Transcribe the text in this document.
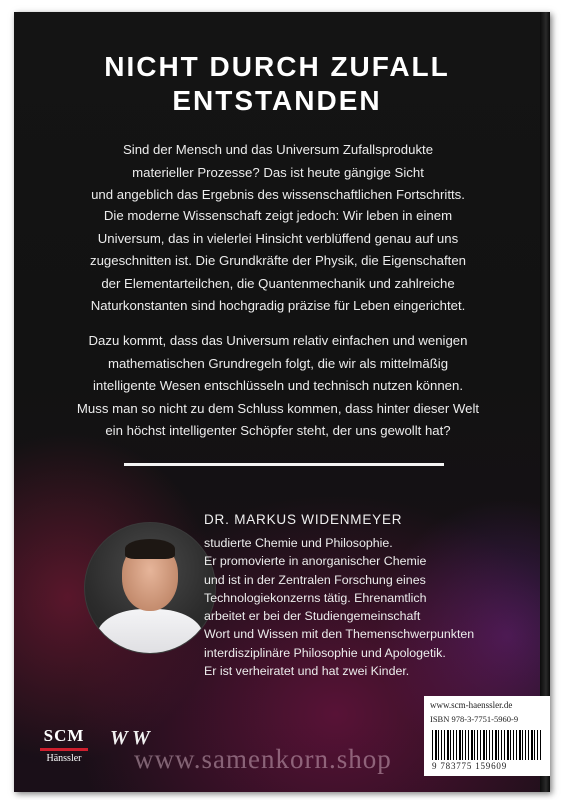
NICHT DURCH ZUFALL
ENTSTANDEN
Sind der Mensch und das Universum Zufallsprodukte
materieller Prozesse? Das ist heute gängige Sicht
und angeblich das Ergebnis des wissenschaftlichen Fortschritts.
Die moderne Wissenschaft zeigt jedoch: Wir leben in einem
Universum, das in vielerlei Hinsicht verblüffend genau auf uns
zugeschnitten ist. Die Grundkräfte der Physik, die Eigenschaften
der Elementarteilchen, die Quantenmechanik und zahlreiche
Naturkonstanten sind hochgradig präzise für Leben eingerichtet.
Dazu kommt, dass das Universum relativ einfachen und wenigen
mathematischen Grundregeln folgt, die wir als mittelmäßig
intelligente Wesen entschlüsseln und technisch nutzen können.
Muss man so nicht zu dem Schluss kommen, dass hinter dieser Welt
ein höchst intelligenter Schöpfer steht, der uns gewollt hat?
DR. MARKUS WIDENMEYER
studierte Chemie und Philosophie.
Er promovierte in anorganischer Chemie
und ist in der Zentralen Forschung eines
Technologiekonzerns tätig. Ehrenamtlich
arbeitet er bei der Studiengemeinschaft
Wort und Wissen mit den Themenschwerpunkten
interdisziplinäre Philosophie und Apologetik.
Er ist verheiratet und hat zwei Kinder.
SCM
Hänssler
W W
www.scm-haenssler.de
ISBN 978-3-7751-5960-9
9 783775 159609
www.samenkorn.shop
